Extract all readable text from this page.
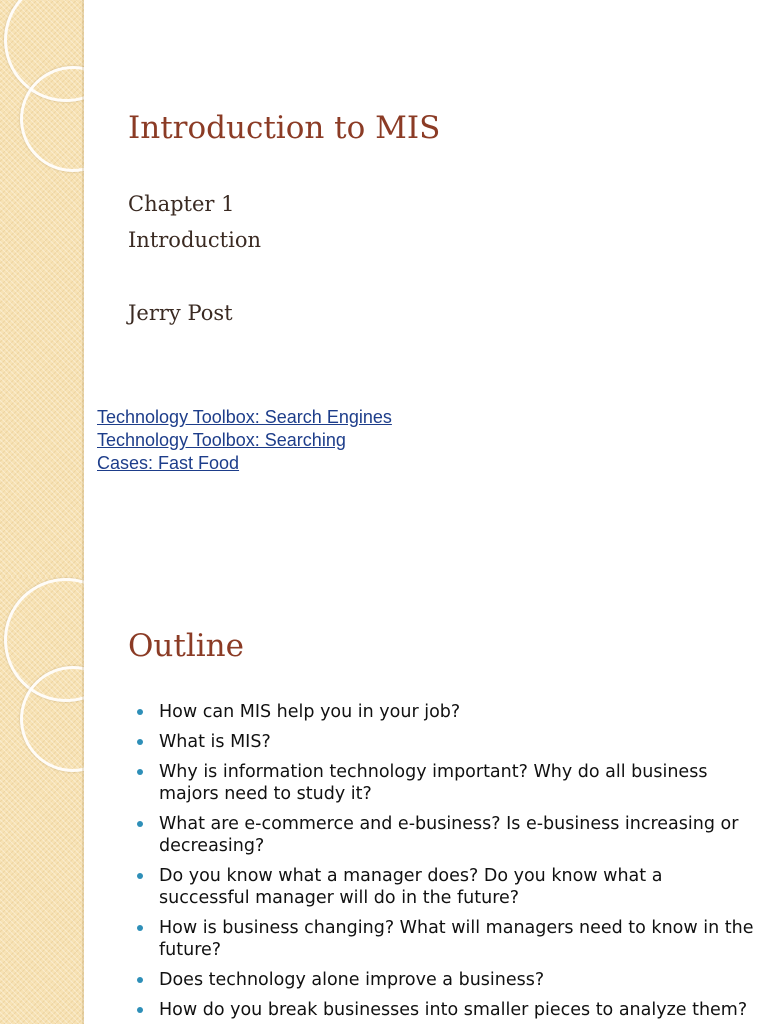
Introduction to MIS

Chapter 1

Introduction

Jerry Post

Technology Toolbox: Search Engines
Technology Toolbox: Searching
Cases: Fast Food
Outline
How can MIS help you in your job?
What is MIS?
Why is information technology important? Why do all business majors need to study it?
What are e-commerce and e-business? Is e-business increasing or decreasing?
Do you know what a manager does? Do you know what a successful manager will do in the future?
How is business changing? What will managers need to know in the future?
Does technology alone improve a business?
How do you break businesses into smaller pieces to analyze them?
